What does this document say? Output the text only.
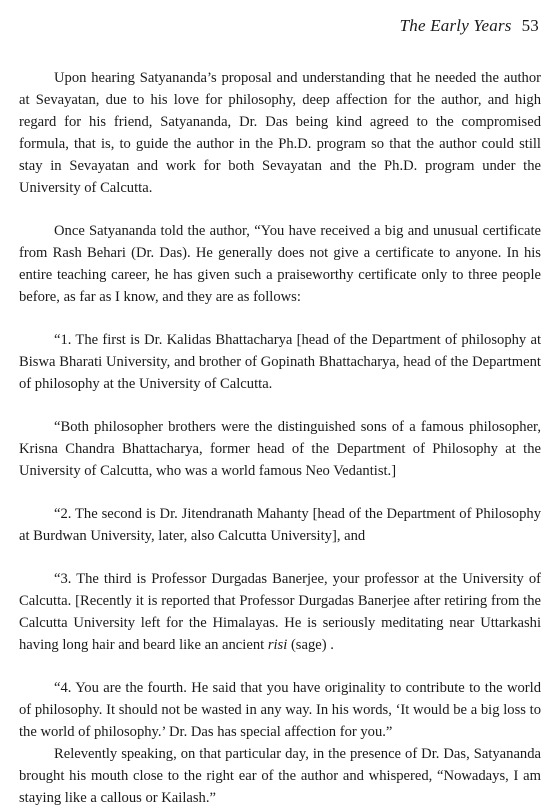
The Early Years 53

Upon hearing Satyananda’s proposal and understanding that he needed the author at Sevayatan, due to his love for philosophy, deep affection for the author, and high regard for his friend, Satyananda, Dr. Das being kind agreed to the compromised formula, that is, to guide the author in the Ph.D. program so that the author could still stay in Sevayatan and work for both Sevayatan and the Ph.D. program under the University of Calcutta.

Once Satyananda told the author, “You have received a big and unusual certificate from Rash Behari (Dr. Das). He generally does not give a certificate to anyone. In his entire teaching career, he has given such a praiseworthy certificate only to three people before, as far as I know, and they are as follows:

“1. The first is Dr. Kalidas Bhattacharya [head of the Department of philosophy at Biswa Bharati University, and brother of Gopinath Bhattacharya, head of the Department of philosophy at the University of Calcutta.

“Both philosopher brothers were the distinguished sons of a famous philosopher, Krisna Chandra Bhattacharya, former head of the Department of Philosophy at the University of Calcutta, who was a world famous Neo Vedantist.]

“2. The second is Dr. Jitendranath Mahanty [head of the Department of Philosophy at Burdwan University, later, also Calcutta University], and

“3. The third is Professor Durgadas Banerjee, your professor at the University of Calcutta. [Recently it is reported that Professor Durgadas Banerjee after retiring from the Calcutta University left for the Himalayas. He is seriously meditating near Uttarkashi having long hair and beard like an ancient risi (sage) .

“4. You are the fourth. He said that you have originality to contribute to the world of philosophy. It should not be wasted in any way. In his words, ‘It would be a big loss to the world of philosophy.’ Dr. Das has special affection for you.”

Relevently speaking, on that particular day, in the presence of Dr. Das, Satyananda brought his mouth close to the right ear of the author and whispered, “Nowadays, I am staying like a callous or Kailash.”
